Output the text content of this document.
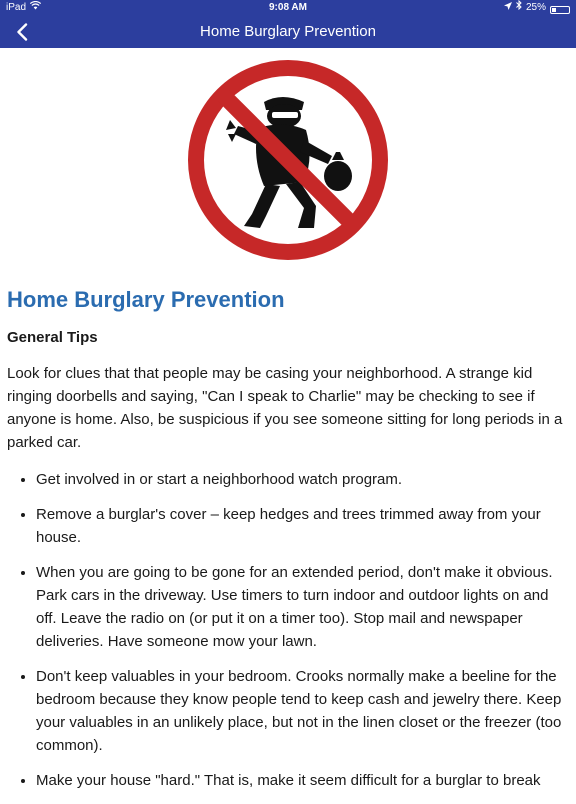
iPad	9:08 AM	25%
Home Burglary Prevention
Home Burglary Prevention
General Tips

Look for clues that that people may be casing your neighborhood. A strange kid ringing doorbells and saying, "Can I speak to Charlie" may be checking to see if anyone is home. Also, be suspicious if you see someone sitting for long periods in a parked car.

• Get involved in or start a neighborhood watch program.
• Remove a burglar's cover – keep hedges and trees trimmed away from your house.
• When you are going to be gone for an extended period, don't make it obvious. Park cars in the driveway. Use timers to turn indoor and outdoor lights on and off. Leave the radio on (or put it on a timer too). Stop mail and newspaper deliveries. Have someone mow your lawn.
• Don't keep valuables in your bedroom. Crooks normally make a beeline for the bedroom because they know people tend to keep cash and jewelry there. Keep your valuables in an unlikely place, but not in the linen closet or the freezer (too common).
• Make your house "hard." That is, make it seem difficult for a burglar to break
